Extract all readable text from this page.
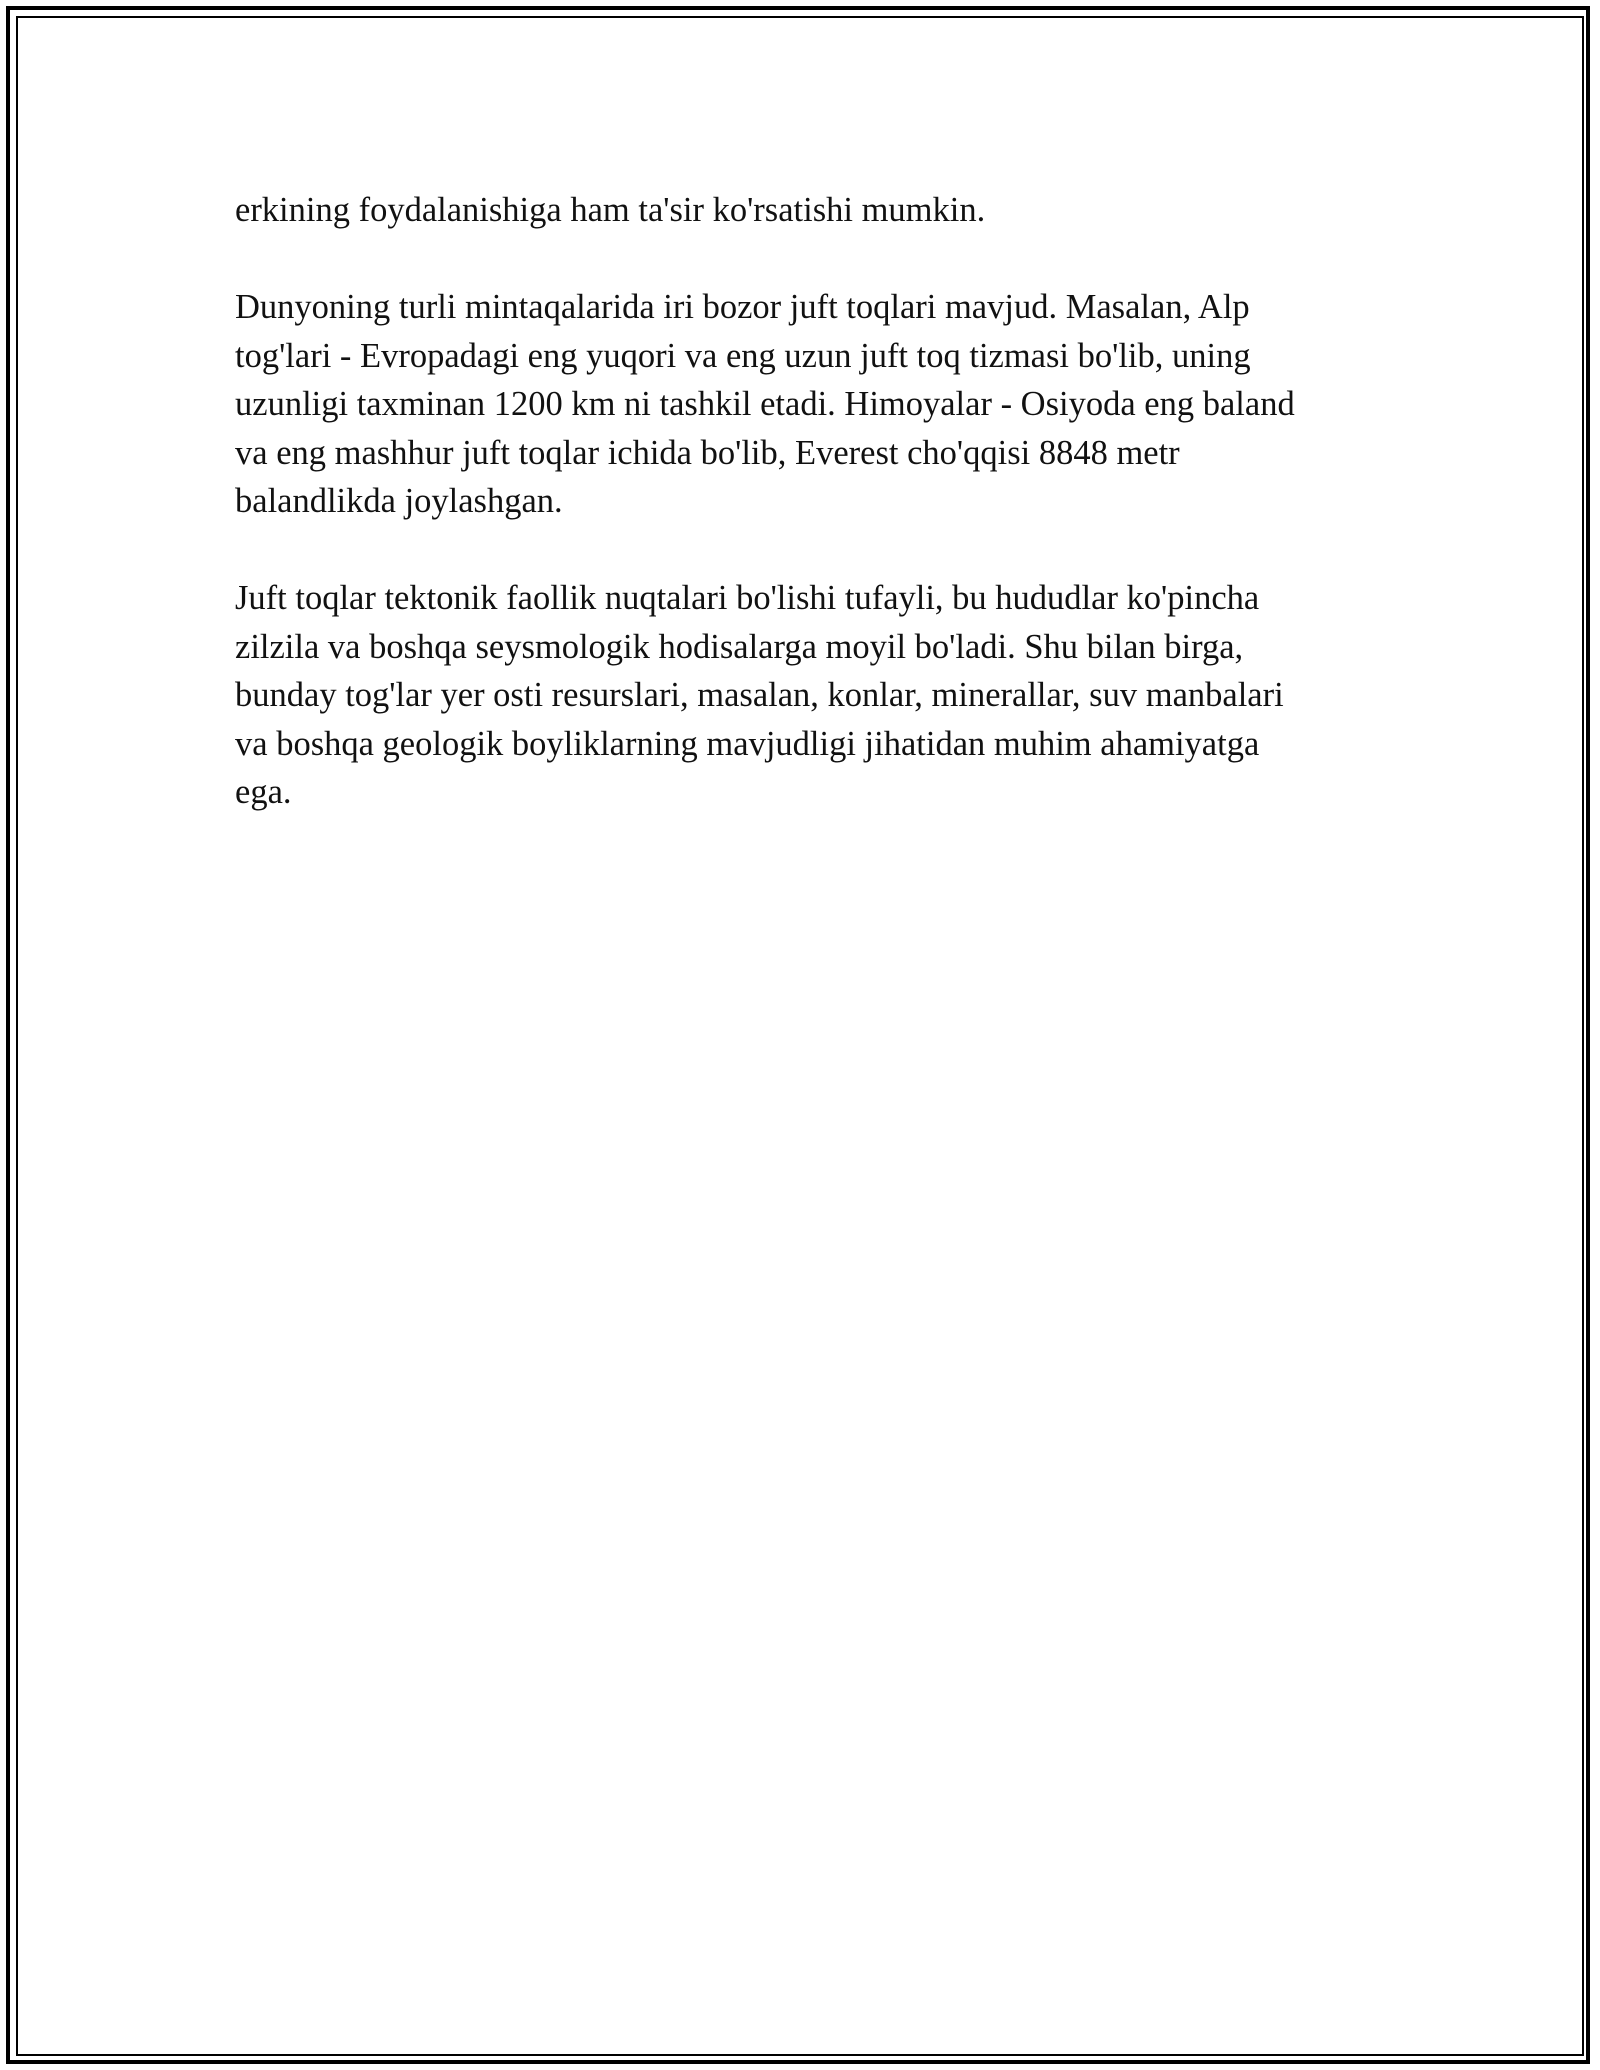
erkining foydalanishiga ham ta'sir ko'rsatishi mumkin.

Dunyoning turli mintaqalarida iri bozor juft toqlari mavjud. Masalan, Alp
tog'lari - Evropadagi eng yuqori va eng uzun juft toq tizmasi bo'lib, uning
uzunligi taxminan 1200 km ni tashkil etadi. Himoyalar - Osiyoda eng baland
va eng mashhur juft toqlar ichida bo'lib, Everest cho'qqisi 8848 metr
balandlikda joylashgan.

Juft toqlar tektonik faollik nuqtalari bo'lishi tufayli, bu hududlar ko'pincha
zilzila va boshqa seysmologik hodisalarga moyil bo'ladi. Shu bilan birga,
bunday tog'lar yer osti resurslari, masalan, konlar, minerallar, suv manbalari
va boshqa geologik boyliklarning mavjudligi jihatidan muhim ahamiyatga
ega.
